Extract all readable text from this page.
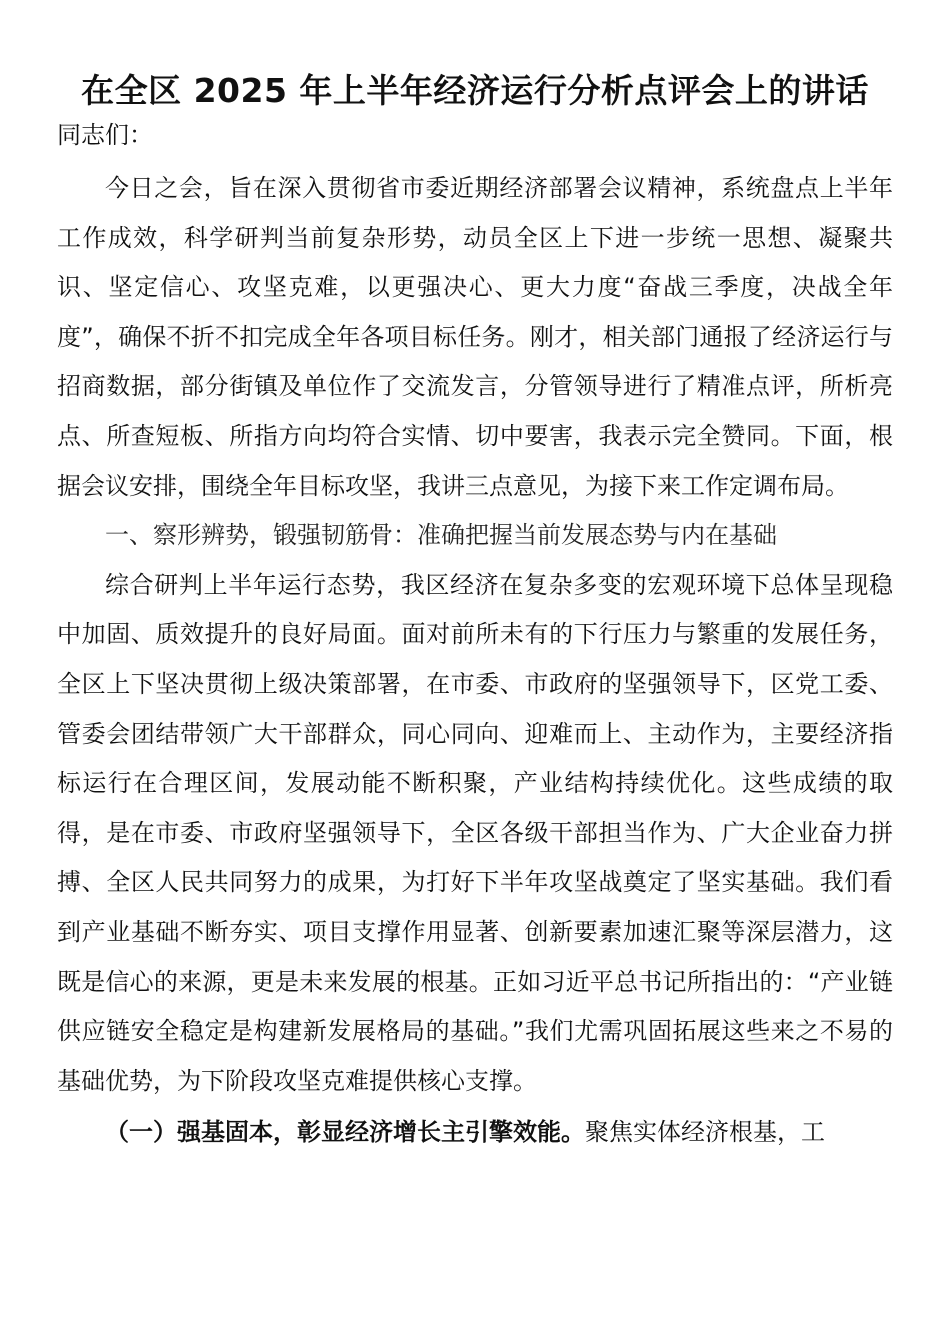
在全区 2025 年上半年经济运行分析点评会上的讲话

同志们：

今日之会，旨在深入贯彻省市委近期经济部署会议精神，系统盘点上半年工作成效，科学研判当前复杂形势，动员全区上下进一步统一思想、凝聚共识、坚定信心、攻坚克难，以更强决心、更大力度“奋战三季度，决战全年度”，确保不折不扣完成全年各项目标任务。刚才，相关部门通报了经济运行与招商数据，部分街镇及单位作了交流发言，分管领导进行了精准点评，所析亮点、所查短板、所指方向均符合实情、切中要害，我表示完全赞同。下面，根据会议安排，围绕全年目标攻坚，我讲三点意见，为接下来工作定调布局。

一、察形辨势，锻强韧筋骨：准确把握当前发展态势与内在基础

综合研判上半年运行态势，我区经济在复杂多变的宏观环境下总体呈现稳中加固、质效提升的良好局面。面对前所未有的下行压力与繁重的发展任务，全区上下坚决贯彻上级决策部署，在市委、市政府的坚强领导下，区党工委、管委会团结带领广大干部群众，同心同向、迎难而上、主动作为，主要经济指标运行在合理区间，发展动能不断积聚，产业结构持续优化。这些成绩的取得，是在市委、市政府坚强领导下，全区各级干部担当作为、广大企业奋力拼搏、全区人民共同努力的成果，为打好下半年攻坚战奠定了坚实基础。我们看到产业基础不断夯实、项目支撑作用显著、创新要素加速汇聚等深层潜力，这既是信心的来源，更是未来发展的根基。正如习近平总书记所指出的：“产业链供应链安全稳定是构建新发展格局的基础。”我们尤需巩固拓展这些来之不易的基础优势，为下阶段攻坚克难提供核心支撑。

（一）强基固本，彰显经济增长主引擎效能。聚焦实体经济根基，工
